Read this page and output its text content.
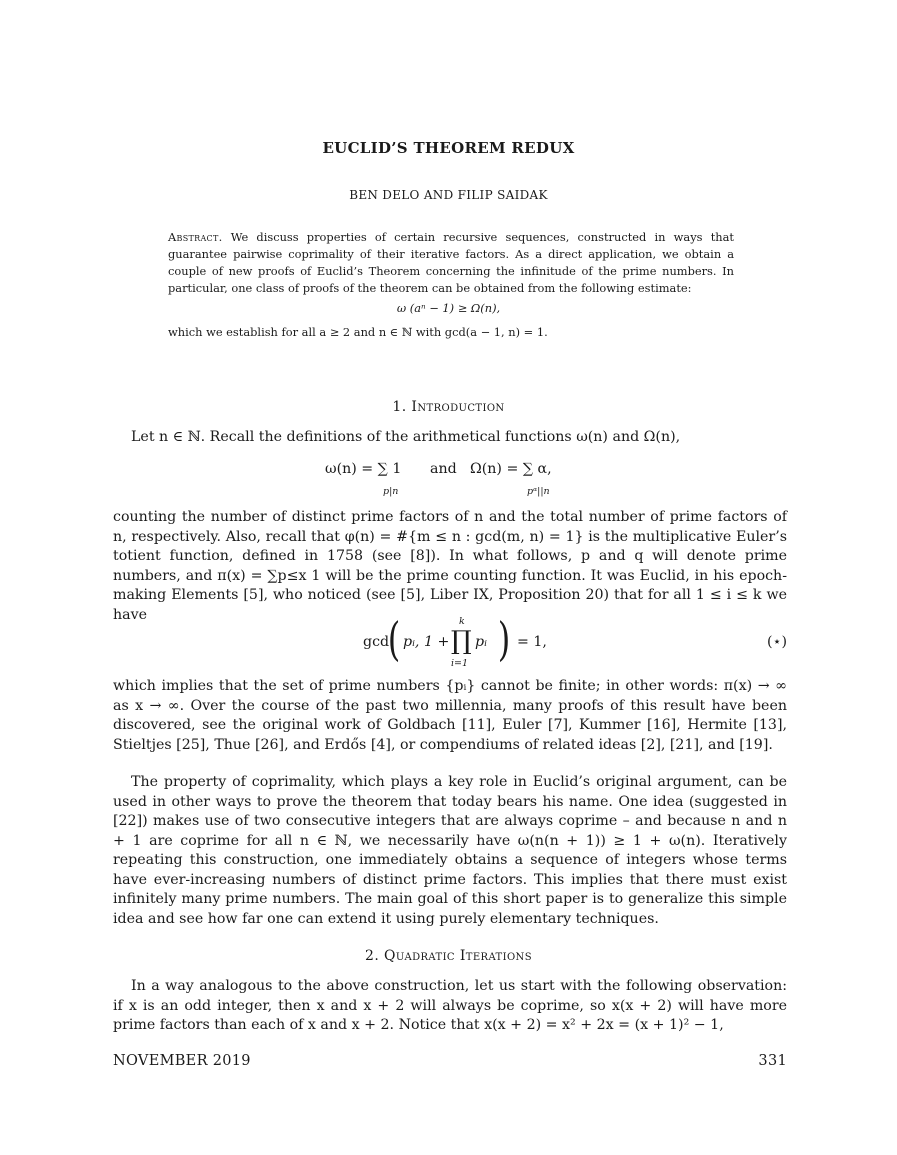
EUCLID’S THEOREM REDUX
BEN DELO AND FILIP SAIDAK
Abstract. We discuss properties of certain recursive sequences, constructed in ways that guarantee pairwise coprimality of their iterative factors. As a direct application, we obtain a couple of new proofs of Euclid’s Theorem concerning the infinitude of the prime numbers. In particular, one class of proofs of the theorem can be obtained from the following estimate:
ω (aⁿ − 1) ≥ Ω(n),
which we establish for all a ≥ 2 and n ∈ ℕ with gcd(a − 1, n) = 1.
1. Introduction

Let n ∈ ℕ. Recall the definitions of the arithmetical functions ω(n) and Ω(n),

ω(n) = ∑ 1 and Ω(n) = ∑ α,
p|n	pᵅ||n

counting the number of distinct prime factors of n and the total number of prime factors of n, respectively. Also, recall that φ(n) = #{m ≤ n : gcd(m, n) = 1} is the multiplicative Euler’s totient function, defined in 1758 (see [8]). In what follows, p and q will denote prime numbers, and π(x) = ∑p≤x 1 will be the prime counting function. It was Euclid, in his epoch-making Elements [5], who noticed (see [5], Liber IX, Proposition 20) that for all 1 ≤ i ≤ k we have

gcd
( pᵢ, 1 +
k
∏
i=1
pᵢ ) = 1,	(⋆)

which implies that the set of prime numbers {pᵢ} cannot be finite; in other words: π(x) → ∞ as x → ∞. Over the course of the past two millennia, many proofs of this result have been discovered, see the original work of Goldbach [11], Euler [7], Kummer [16], Hermite [13], Stieltjes [25], Thue [26], and Erdős [4], or compendiums of related ideas [2], [21], and [19].

The property of coprimality, which plays a key role in Euclid’s original argument, can be used in other ways to prove the theorem that today bears his name. One idea (suggested in [22]) makes use of two consecutive integers that are always coprime – and because n and n + 1 are coprime for all n ∈ ℕ, we necessarily have ω(n(n + 1)) ≥ 1 + ω(n). Iteratively repeating this construction, one immediately obtains a sequence of integers whose terms have ever-increasing numbers of distinct prime factors. This implies that there must exist infinitely many prime numbers. The main goal of this short paper is to generalize this simple idea and see how far one can extend it using purely elementary techniques.

2. Quadratic Iterations

In a way analogous to the above construction, let us start with the following observation: if x is an odd integer, then x and x + 2 will always be coprime, so x(x + 2) will have more prime factors than each of x and x + 2. Notice that x(x + 2) = x² + 2x = (x + 1)² − 1,

NOVEMBER 2019	331
